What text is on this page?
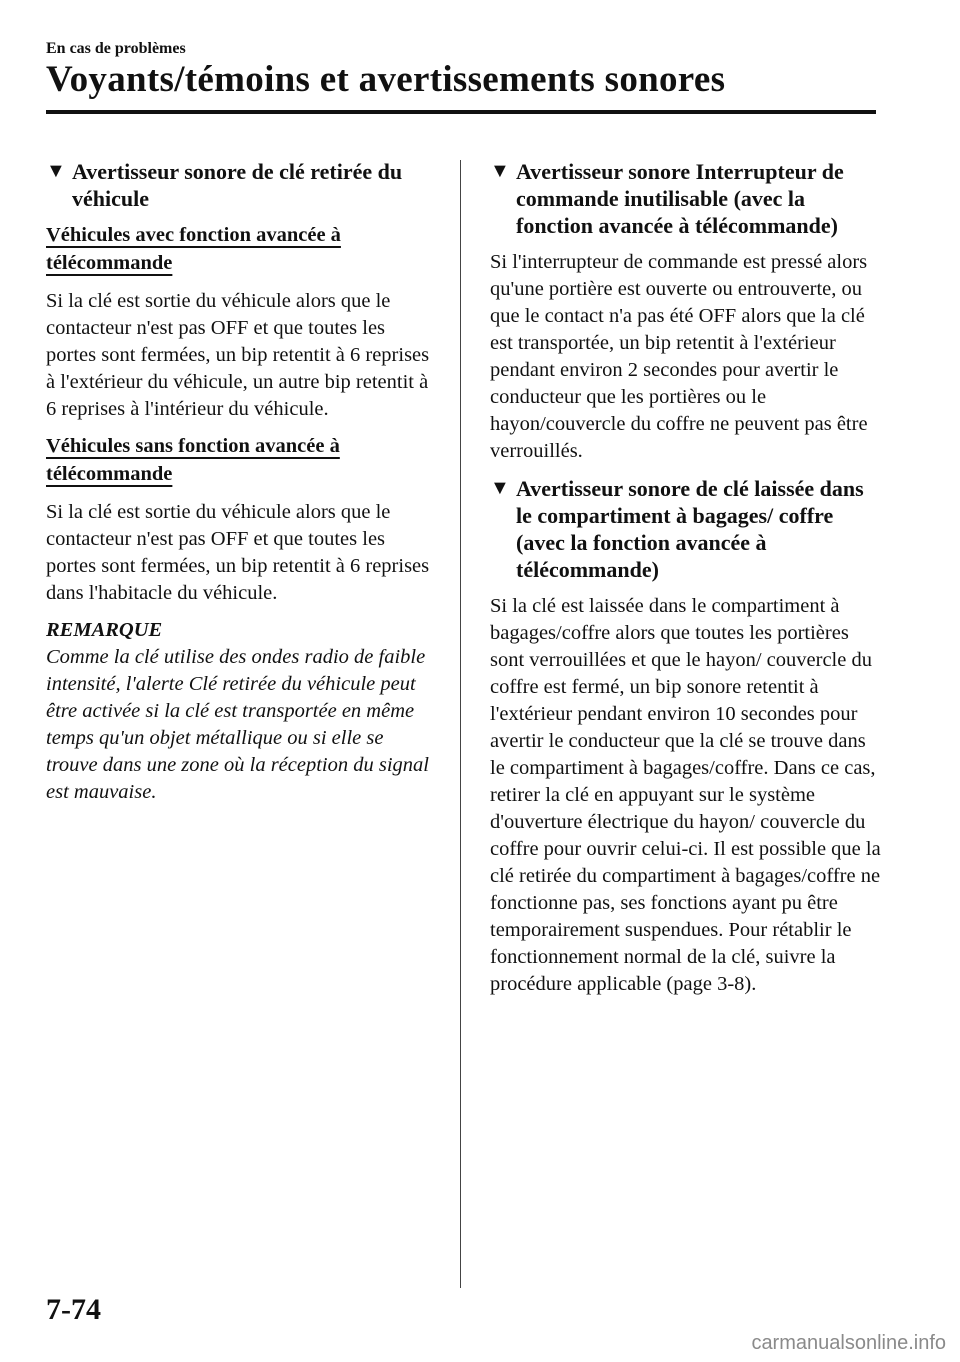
En cas de problèmes

Voyants/témoins et avertissements sonores
▼ Avertisseur sonore de clé retirée du véhicule
Véhicules avec fonction avancée à télécommande

Si la clé est sortie du véhicule alors que le contacteur n'est pas OFF et que toutes les portes sont fermées, un bip retentit à 6 reprises à l'extérieur du véhicule, un autre bip retentit à 6 reprises à l'intérieur du véhicule.

Véhicules sans fonction avancée à télécommande

Si la clé est sortie du véhicule alors que le contacteur n'est pas OFF et que toutes les portes sont fermées, un bip retentit à 6 reprises dans l'habitacle du véhicule.

REMARQUE

Comme la clé utilise des ondes radio de faible intensité, l'alerte Clé retirée du véhicule peut être activée si la clé est transportée en même temps qu'un objet métallique ou si elle se trouve dans une zone où la réception du signal est mauvaise.

▼ Avertisseur sonore Interrupteur de commande inutilisable (avec la fonction avancée à télécommande)

Si l'interrupteur de commande est pressé alors qu'une portière est ouverte ou entrouverte, ou que le contact n'a pas été OFF alors que la clé est transportée, un bip retentit à l'extérieur pendant environ 2 secondes pour avertir le conducteur que les portières ou le hayon/couvercle du coffre ne peuvent pas être verrouillés.

▼ Avertisseur sonore de clé laissée dans le compartiment à bagages/ coffre (avec la fonction avancée à télécommande)

Si la clé est laissée dans le compartiment à bagages/coffre alors que toutes les portières sont verrouillées et que le hayon/ couvercle du coffre est fermé, un bip sonore retentit à l'extérieur pendant environ 10 secondes pour avertir le conducteur que la clé se trouve dans le compartiment à bagages/coffre. Dans ce cas, retirer la clé en appuyant sur le système d'ouverture électrique du hayon/ couvercle du coffre pour ouvrir celui-ci. Il est possible que la clé retirée du compartiment à bagages/coffre ne fonctionne pas, ses fonctions ayant pu être temporairement suspendues. Pour rétablir le fonctionnement normal de la clé, suivre la procédure applicable (page 3-8).

7-74

carmanualsonline.info
